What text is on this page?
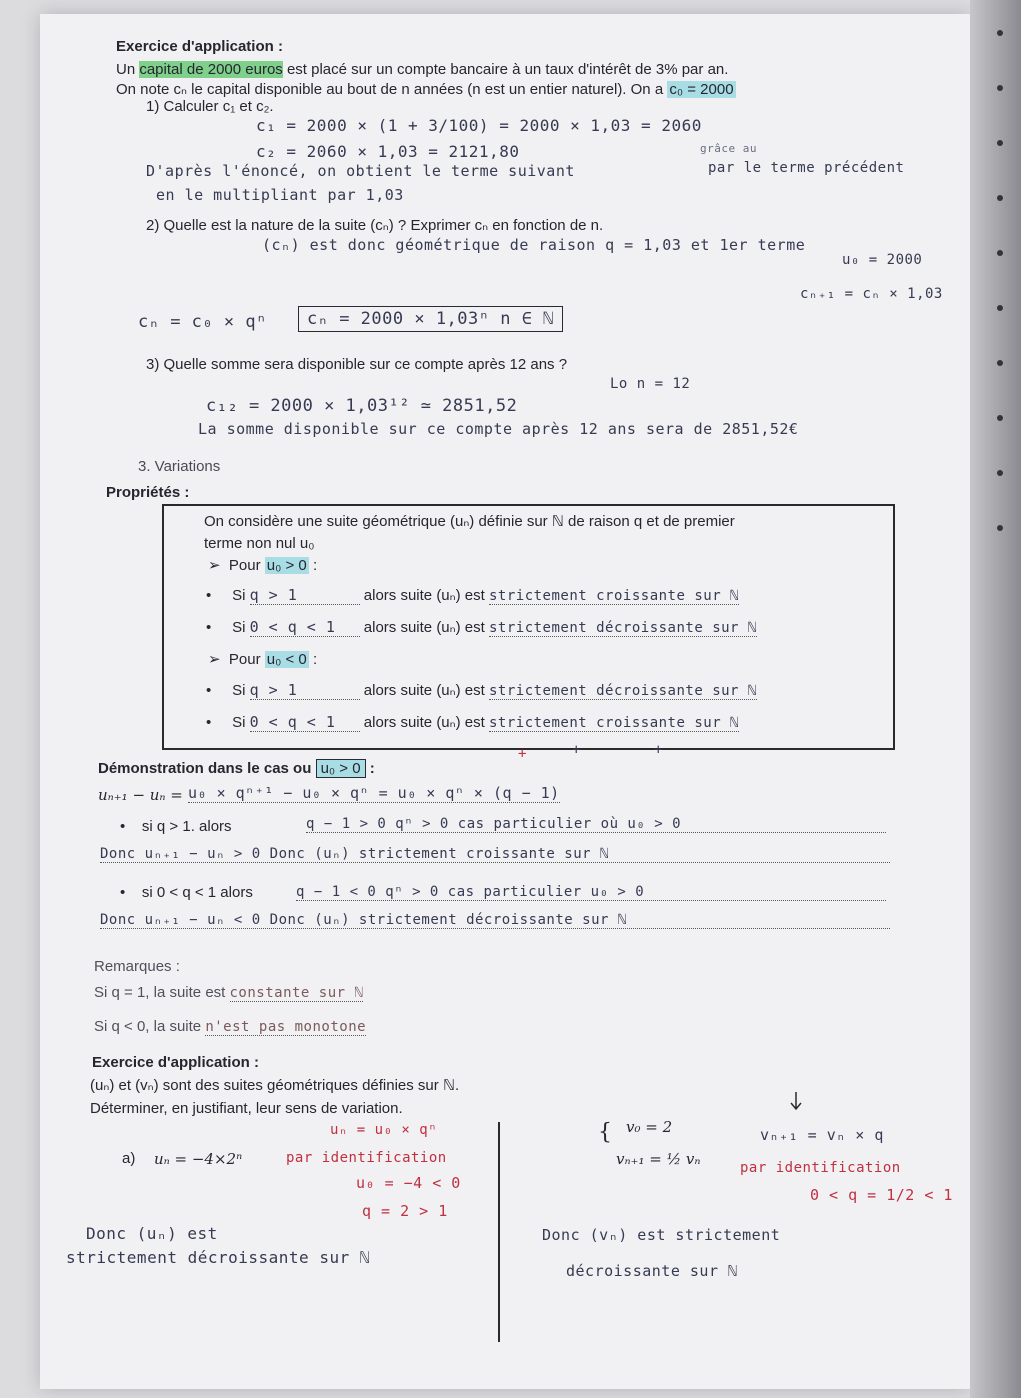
Exercice d'application :
Un capital de 2000 euros est placé sur un compte bancaire à un taux d'intérêt de 3% par an.
On note cₙ le capital disponible au bout de n années (n est un entier naturel). On a c₀ = 2000
1) Calculer c₁ et c₂.
c₁ = 2000 × (1 + 3/100) = 2000 × 1,03 = 2060
c₂ = 2060 × 1,03 = 2121,80	grâce au
D'après l'énoncé, on obtient le terme suivant	par le terme précédent
en le multipliant par 1,03
2) Quelle est la nature de la suite (cₙ) ? Exprimer cₙ en fonction de n.
(cₙ) est donc géométrique de raison q = 1,03 et 1er terme
u₀ = 2000
cₙ₊₁ = cₙ × 1,03
cₙ = c₀ × qⁿ	cₙ = 2000 × 1,03ⁿ n ∈ ℕ
3) Quelle somme sera disponible sur ce compte après 12 ans ?
Lo n = 12
c₁₂ = 2000 × 1,03¹² ≃ 2851,52
La somme disponible sur ce compte après 12 ans sera de 2851,52€
3. Variations
Propriétés :
On considère une suite géométrique (uₙ) définie sur ℕ de raison q et de premier
terme non nul u₀
➢  Pour u₀ > 0 :
•     Si q > 1	alors suite (uₙ) est strictement croissante sur ℕ
•     Si 0 < q < 1 alors suite (uₙ) est strictement décroissante sur ℕ
➢  Pour u₀ < 0 :
•     Si q > 1	alors suite (uₙ) est strictement décroissante sur ℕ
•     Si 0 < q < 1 alors suite (uₙ) est strictement croissante sur ℕ
Démonstration dans le cas ou u₀ > 0 :
+	+	+
uₙ₊₁ − uₙ = u₀ × qⁿ⁺¹ − u₀ × qⁿ = u₀ × qⁿ × (q − 1)
•    si q > 1. alors	q − 1 > 0 qⁿ > 0 cas particulier où u₀ > 0
Donc uₙ₊₁ − uₙ > 0 Donc (uₙ) strictement croissante sur ℕ
•    si 0 < q < 1 alors	q − 1 < 0 qⁿ > 0 cas particulier u₀ > 0
Donc uₙ₊₁ − uₙ < 0 Donc (uₙ) strictement décroissante sur ℕ
Remarques :
Si q = 1, la suite est constante sur ℕ
Si q < 0, la suite n'est pas monotone
Exercice d'application :
(uₙ) et (vₙ) sont des suites géométriques définies sur ℕ.
Déterminer, en justifiant, leur sens de variation.
a) uₙ = −4×2ⁿ
uₙ = u₀ × qⁿ
par identification
u₀ = −4 < 0
q = 2 > 1
Donc (uₙ) est
strictement décroissante sur ℕ
{ v₀ = 2
vₙ₊₁ = ½ vₙ
vₙ₊₁ = vₙ × q
par identification
0 < q = 1/2 < 1
Donc (vₙ) est strictement
décroissante sur ℕ
